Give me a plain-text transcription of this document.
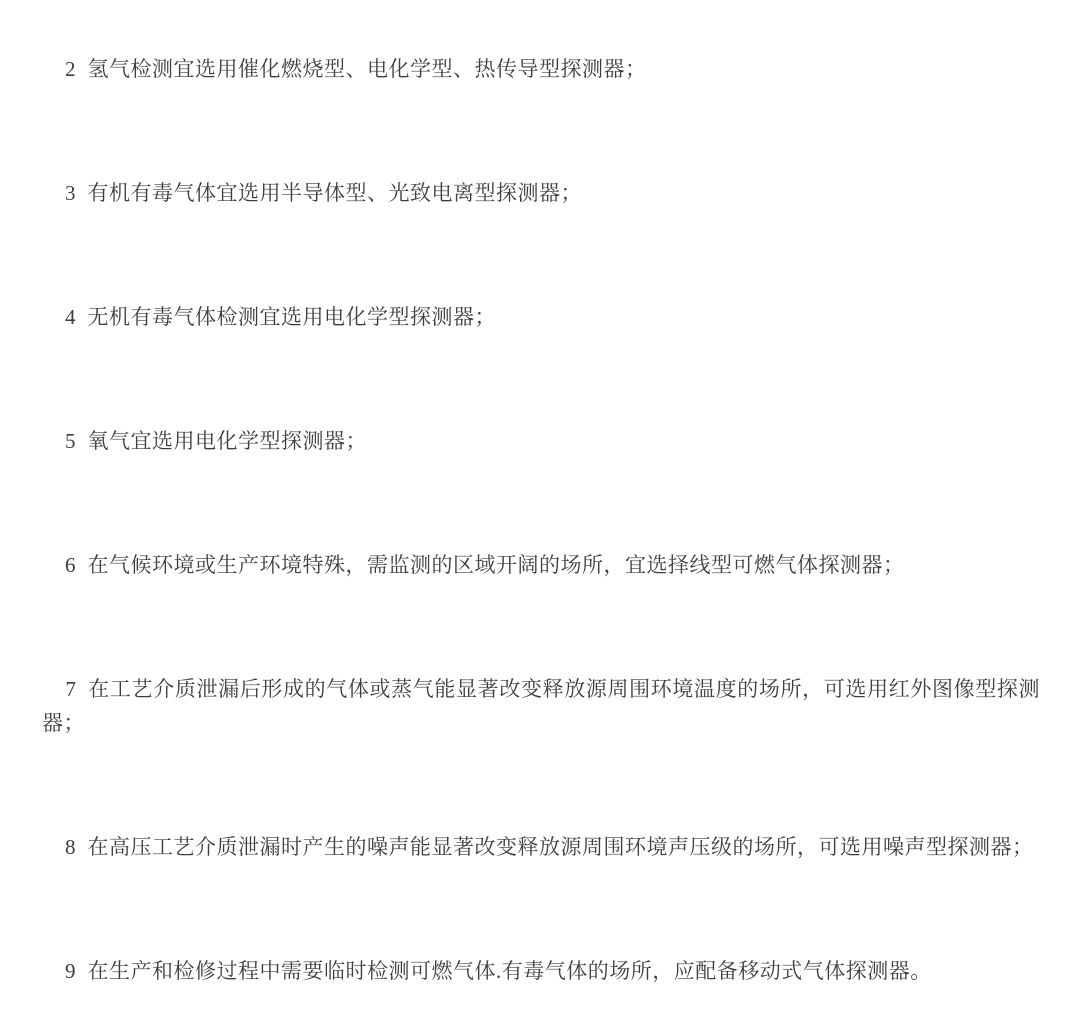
2 氢气检测宜选用催化燃烧型、电化学型、热传导型探测器；

3 有机有毒气体宜选用半导体型、光致电离型探测器；

4 无机有毒气体检测宜选用电化学型探测器；

5 氧气宜选用电化学型探测器；

6 在气候环境或生产环境特殊，需监测的区域开阔的场所，宜选择线型可燃气体探测器；

7 在工艺介质泄漏后形成的气体或蒸气能显著改变释放源周围环境温度的场所，可选用红外图像型探测器；

8 在高压工艺介质泄漏时产生的噪声能显著改变释放源周围环境声压级的场所，可选用噪声型探测器；

9 在生产和检修过程中需要临时检测可燃气体.有毒气体的场所，应配备移动式气体探测器。
